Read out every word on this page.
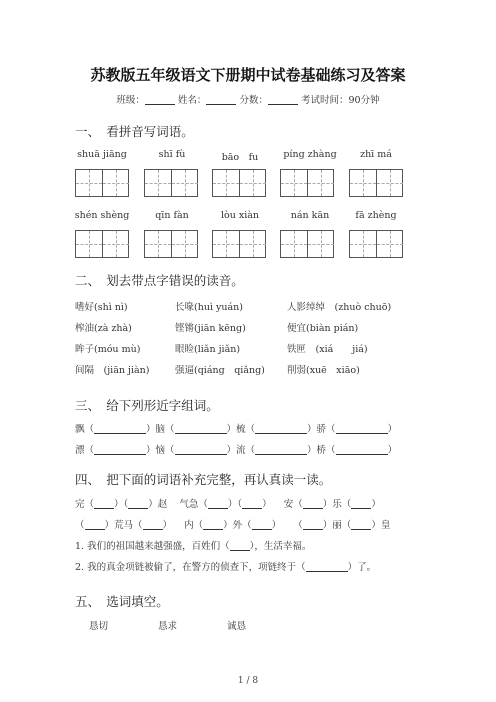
苏教版五年级语文下册期中试卷基础练习及答案
班级：	姓名：	分数：	考试时间：90分钟
一、　看拼音写词语。
shuā jiāng	shī fù	bāo　fu	píng zhàng	zhī má
shén shèng	qīn fàn	lòu xiàn	nán kān	fā zhèng
二、　划去带点字错误的读音。
嗜好(shì nì)	长喙(huì yuán)	人影绰绰　(zhuò chuō)
榨油(zà zhà)	铿锵(jiān kēng)	便宜(biàn pián)
眸子(móu mù)	眼睑(liǎn jiǎn)	铁匣　(xiá　　jiá)
间隔　(jiān jiàn)	强逼(qiáng　qiǎng) 削弱(xuē　xiāo)
三、　给下列形近字组词。
飘（	）脑（	）梳（	）骄（	）
漂（	）恼（	）流（	）桥（	）
四、　把下面的词语补充完整，再认真读一读。
完（ ）（ ）赵 气急（ ）（ ） 安（ ）乐（ ）
（ ）荒马（ ） 内（ ）外（ ） （ ）丽（ ）皇
1. 我们的祖国越来越强盛，百姓们（ ），生活幸福。
2. 我的真金项链被偷了，在警方的侦查下，项链终于（	）了。
五、　选词填空。
恳切	恳求	诚恳
1 / 8
